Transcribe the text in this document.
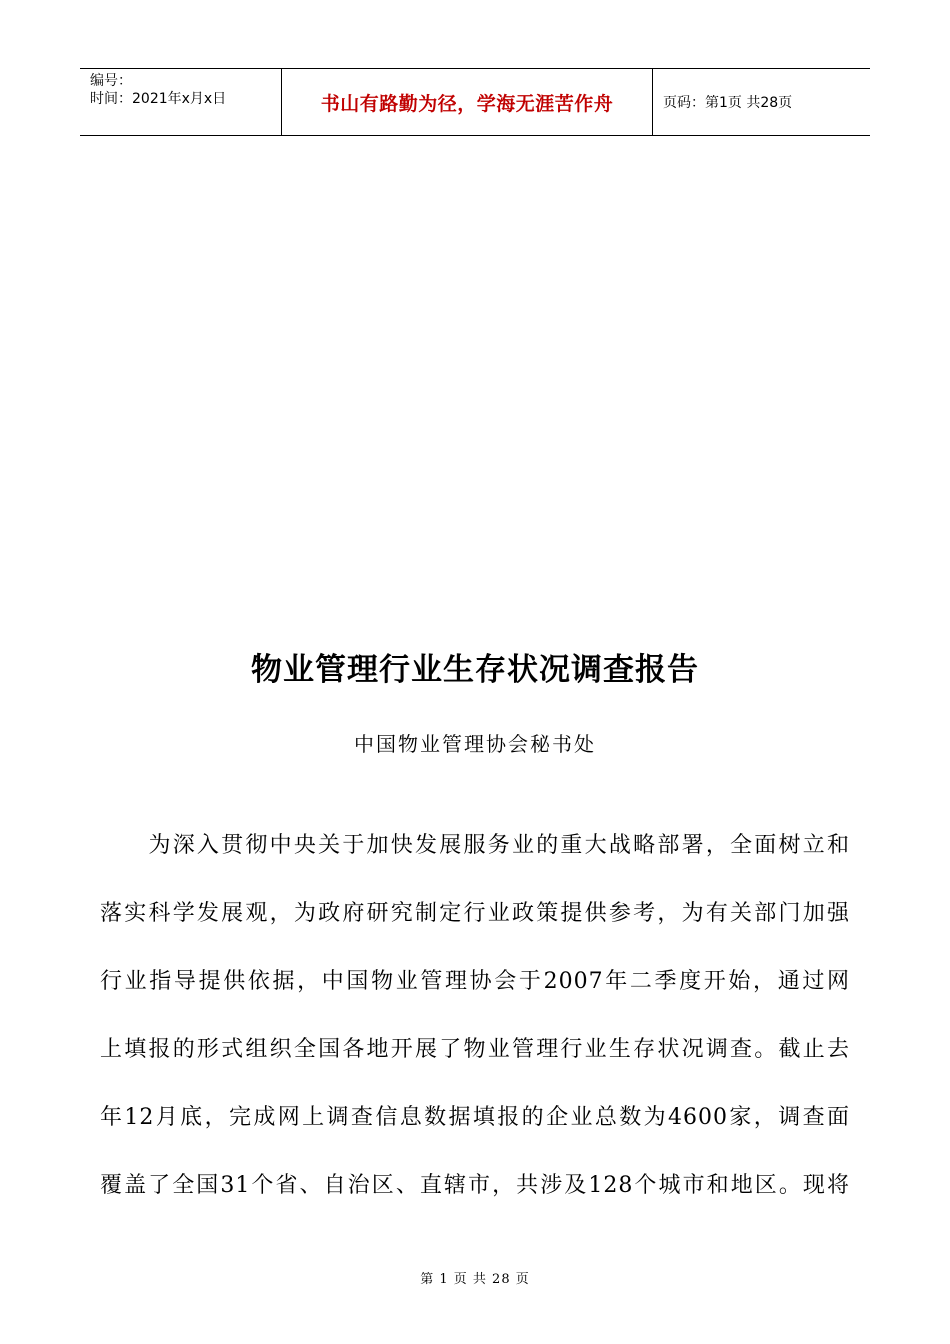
编号：
时间：2021年x月x日	书山有路勤为径，学海无涯苦作舟	页码：第1页 共28页
物业管理行业生存状况调查报告
中国物业管理协会秘书处
　　为深入贯彻中央关于加快发展服务业的重大战略部署，全面树立和
落实科学发展观，为政府研究制定行业政策提供参考，为有关部门加强
行业指导提供依据，中国物业管理协会于2007年二季度开始，通过网
上填报的形式组织全国各地开展了物业管理行业生存状况调查。截止去
年12月底，完成网上调查信息数据填报的企业总数为4600家，调查面
覆盖了全国31个省、自治区、直辖市，共涉及128个城市和地区。现将
第 1 页 共 28 页
